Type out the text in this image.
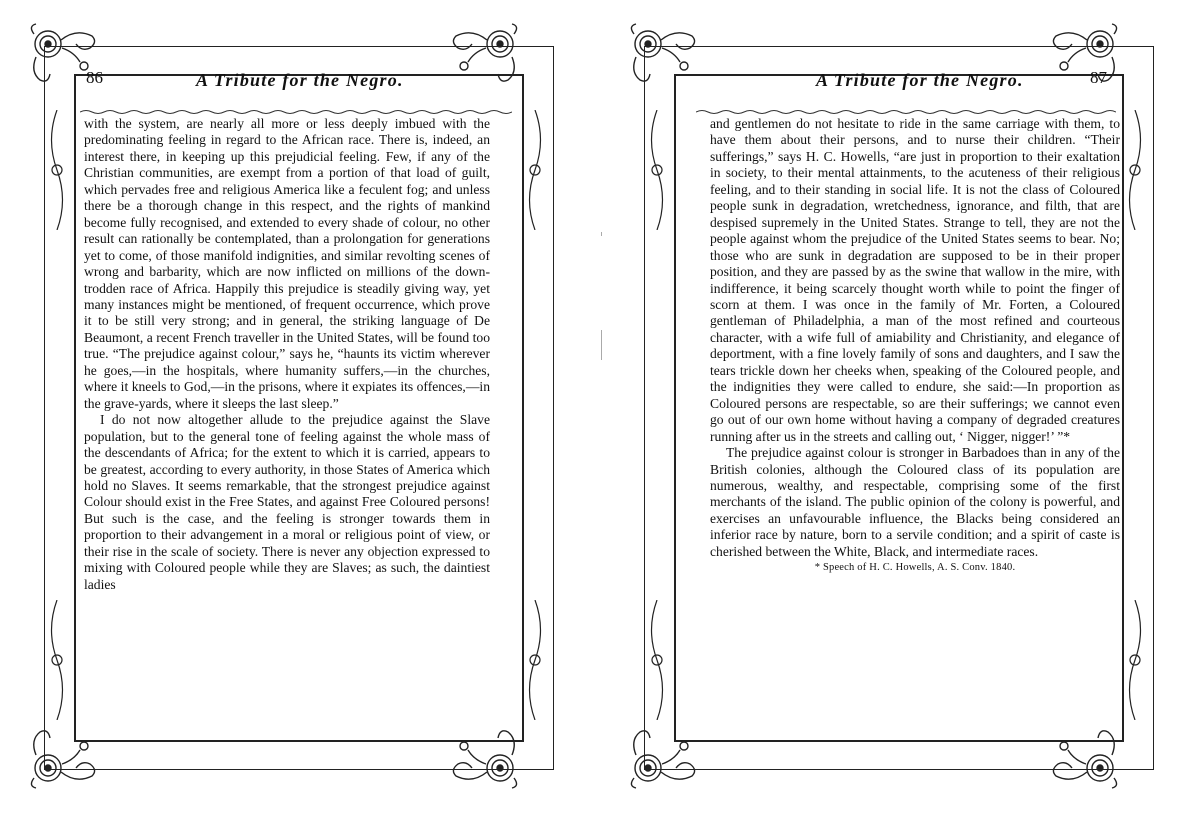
86	A Tribute for the Negro.

with the system, are nearly all more or less deeply imbued with the predominating feeling in regard to the African race. There is, indeed, an interest there, in keeping up this prejudicial feeling. Few, if any of the Christian communities, are exempt from a portion of that load of guilt, which pervades free and religious America like a feculent fog; and unless there be a thorough change in this respect, and the rights of mankind become fully recognised, and extended to every shade of colour, no other result can rationally be contemplated, than a prolongation for generations yet to come, of those manifold indignities, and similar revolting scenes of wrong and barbarity, which are now inflicted on millions of the down-trodden race of Africa. Happily this prejudice is steadily giving way, yet many instances might be mentioned, of frequent occurrence, which prove it to be still very strong; and in general, the striking language of De Beaumont, a recent French traveller in the United States, will be found too true. “The prejudice against colour,” says he, “haunts its victim wherever he goes,—in the hospitals, where humanity suffers,—in the churches, where it kneels to God,—in the prisons, where it expiates its offences,—in the grave-yards, where it sleeps the last sleep.”

I do not now altogether allude to the prejudice against the Slave population, but to the general tone of feeling against the whole mass of the descendants of Africa; for the extent to which it is carried, appears to be greatest, according to every authority, in those States of America which hold no Slaves. It seems remarkable, that the strongest prejudice against Colour should exist in the Free States, and against Free Coloured persons! But such is the case, and the feeling is stronger towards them in proportion to their advangement in a moral or religious point of view, or their rise in the scale of society. There is never any objection expressed to mixing with Coloured people while they are Slaves; as such, the daintiest ladies

A Tribute for the Negro.	87

and gentlemen do not hesitate to ride in the same carriage with them, to have them about their persons, and to nurse their children. “Their sufferings,” says H. C. Howells, “are just in proportion to their exaltation in society, to their mental attainments, to the acuteness of their religious feeling, and to their standing in social life. It is not the class of Coloured people sunk in degradation, wretchedness, ignorance, and filth, that are despised supremely in the United States. Strange to tell, they are not the people against whom the prejudice of the United States seems to bear. No; those who are sunk in degradation are supposed to be in their proper position, and they are passed by as the swine that wallow in the mire, with indifference, it being scarcely thought worth while to point the finger of scorn at them. I was once in the family of Mr. Forten, a Coloured gentleman of Philadelphia, a man of the most refined and courteous character, with a wife full of amiability and Christianity, and elegance of deportment, with a fine lovely family of sons and daughters, and I saw the tears trickle down her cheeks when, speaking of the Coloured people, and the indignities they were called to endure, she said:—In proportion as Coloured persons are respectable, so are their sufferings; we cannot even go out of our own home without having a company of degraded creatures running after us in the streets and calling out, ‘ Nigger, nigger!’ ”*

The prejudice against colour is stronger in Barbadoes than in any of the British colonies, although the Coloured class of its population are numerous, wealthy, and respectable, comprising some of the first merchants of the island. The public opinion of the colony is powerful, and exercises an unfavourable influence, the Blacks being considered an inferior race by nature, born to a servile condition; and a spirit of caste is cherished between the White, Black, and intermediate races.

* Speech of H. C. Howells, A. S. Conv. 1840.
